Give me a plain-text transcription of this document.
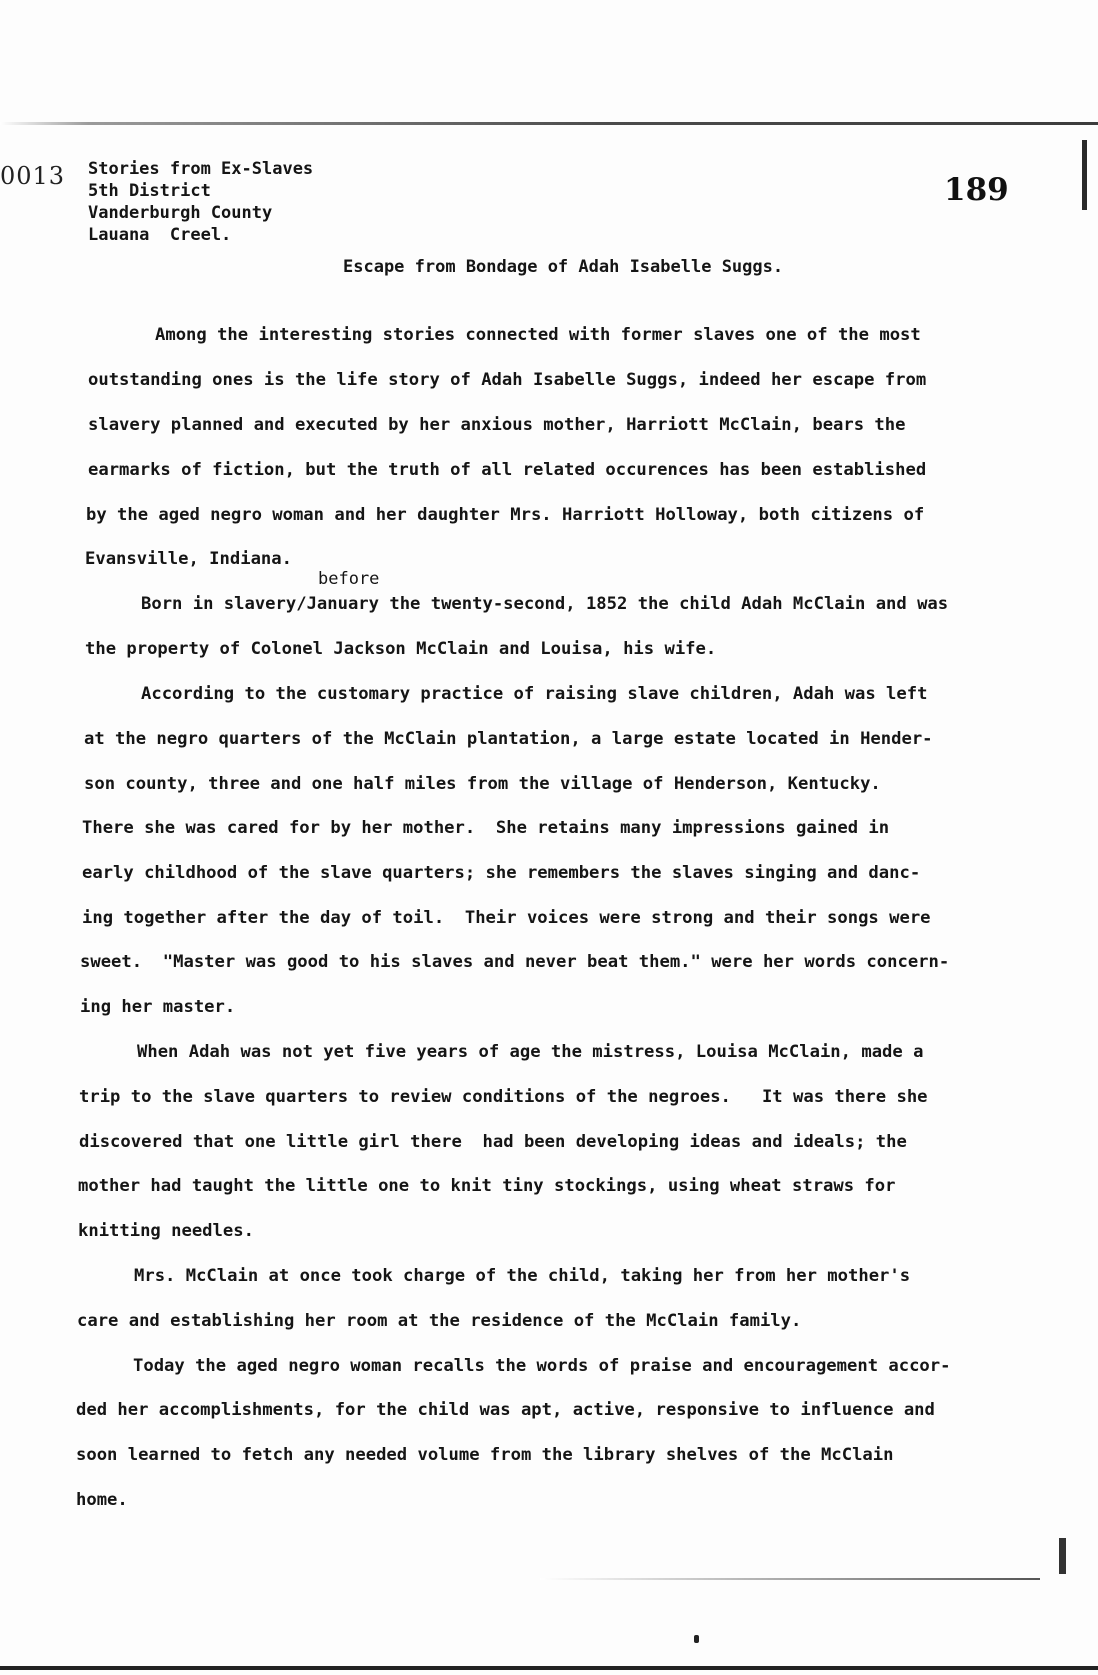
0013	189
Stories from Ex-Slaves
5th District
Vanderburgh County
Lauana  Creel.
Escape from Bondage of Adah Isabelle Suggs.
before
Among the interesting stories connected with former slaves one of the most
outstanding ones is the life story of Adah Isabelle Suggs, indeed her escape from
slavery planned and executed by her anxious mother, Harriott McClain, bears the
earmarks of fiction, but the truth of all related occurences has been established
by the aged negro woman and her daughter Mrs. Harriott Holloway, both citizens of
Evansville, Indiana.
Born in slavery/January the twenty-second, 1852 the child Adah McClain and was
the property of Colonel Jackson McClain and Louisa, his wife.
According to the customary practice of raising slave children, Adah was left
at the negro quarters of the McClain plantation, a large estate located in Hender-
son county, three and one half miles from the village of Henderson, Kentucky.
There she was cared for by her mother.  She retains many impressions gained in
early childhood of the slave quarters; she remembers the slaves singing and danc-
ing together after the day of toil.  Their voices were strong and their songs were
sweet.  "Master was good to his slaves and never beat them." were her words concern-
ing her master.
When Adah was not yet five years of age the mistress, Louisa McClain, made a
trip to the slave quarters to review conditions of the negroes.   It was there she
discovered that one little girl there  had been developing ideas and ideals; the
mother had taught the little one to knit tiny stockings, using wheat straws for
knitting needles.
Mrs. McClain at once took charge of the child, taking her from her mother's
care and establishing her room at the residence of the McClain family.
Today the aged negro woman recalls the words of praise and encouragement accor-
ded her accomplishments, for the child was apt, active, responsive to influence and
soon learned to fetch any needed volume from the library shelves of the McClain
home.
